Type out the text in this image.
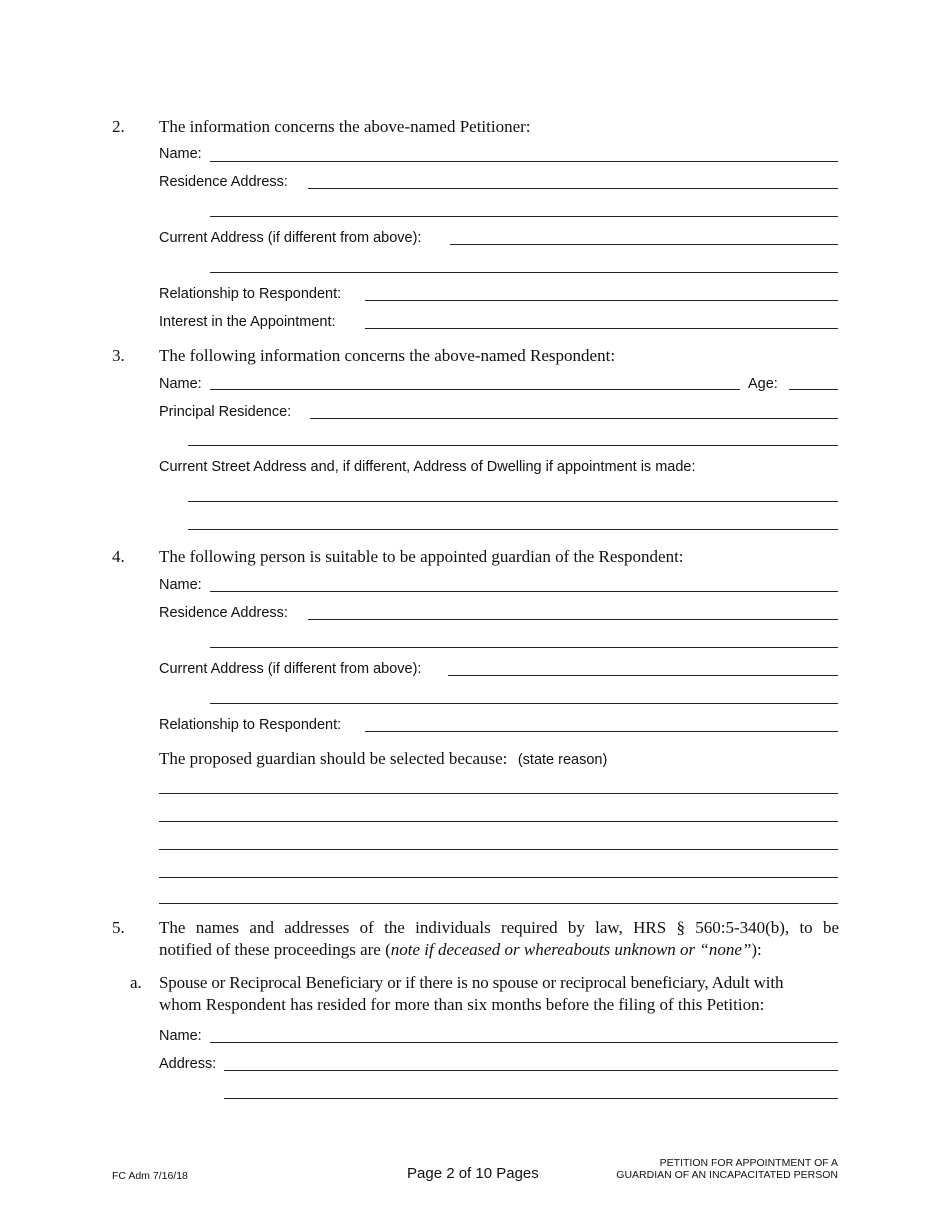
2. The information concerns the above-named Petitioner:
Name:
Residence Address:
Current Address (if different from above):
Relationship to Respondent:
Interest in the Appointment:
3. The following information concerns the above-named Respondent:
Name:	Age:
Principal Residence:
Current Street Address and, if different, Address of Dwelling if appointment is made:
4. The following person is suitable to be appointed guardian of the Respondent:
Name:
Residence Address:
Current Address (if different from above):
Relationship to Respondent:
The proposed guardian should be selected because: (state reason)
5. The names and addresses of the individuals required by law, HRS § 560:5-340(b), to be
notified of these proceedings are (note if deceased or whereabouts unknown or “none”):
a. Spouse or Reciprocal Beneficiary or if there is no spouse or reciprocal beneficiary, Adult with
whom Respondent has resided for more than six months before the filing of this Petition:
Name:
Address:
FC Adm 7/16/18	Page 2 of 10 Pages
PETITION FOR APPOINTMENT OF A
GUARDIAN OF AN INCAPACITATED PERSON
